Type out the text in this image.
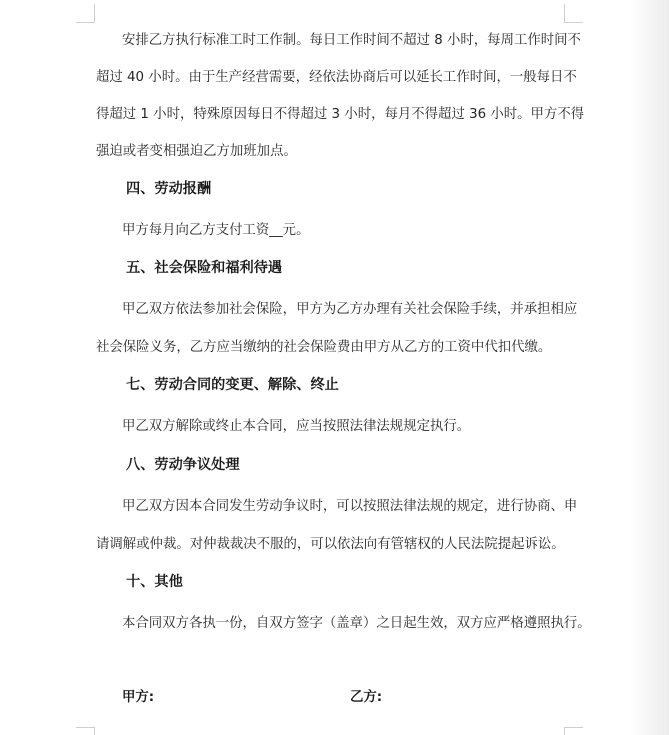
安排乙方执行标准工时工作制。每日工作时间不超过 8 小时，每周工作时间不
超过 40 小时。由于生产经营需要，经依法协商后可以延长工作时间，一般每日不
得超过 1 小时，特殊原因每日不得超过 3 小时，每月不得超过 36 小时。甲方不得
强迫或者变相强迫乙方加班加点。
四、劳动报酬
甲方每月向乙方支付工资__元。
五、社会保险和福利待遇
甲乙双方依法参加社会保险，甲方为乙方办理有关社会保险手续，并承担相应
社会保险义务，乙方应当缴纳的社会保险费由甲方从乙方的工资中代扣代缴。
七、劳动合同的变更、解除、终止
甲乙双方解除或终止本合同，应当按照法律法规规定执行。
八、劳动争议处理
甲乙双方因本合同发生劳动争议时，可以按照法律法规的规定，进行协商、申
请调解或仲裁。对仲裁裁决不服的，可以依法向有管辖权的人民法院提起诉讼。
十、其他
本合同双方各执一份，自双方签字（盖章）之日起生效，双方应严格遵照执行。
甲方:	乙方:
